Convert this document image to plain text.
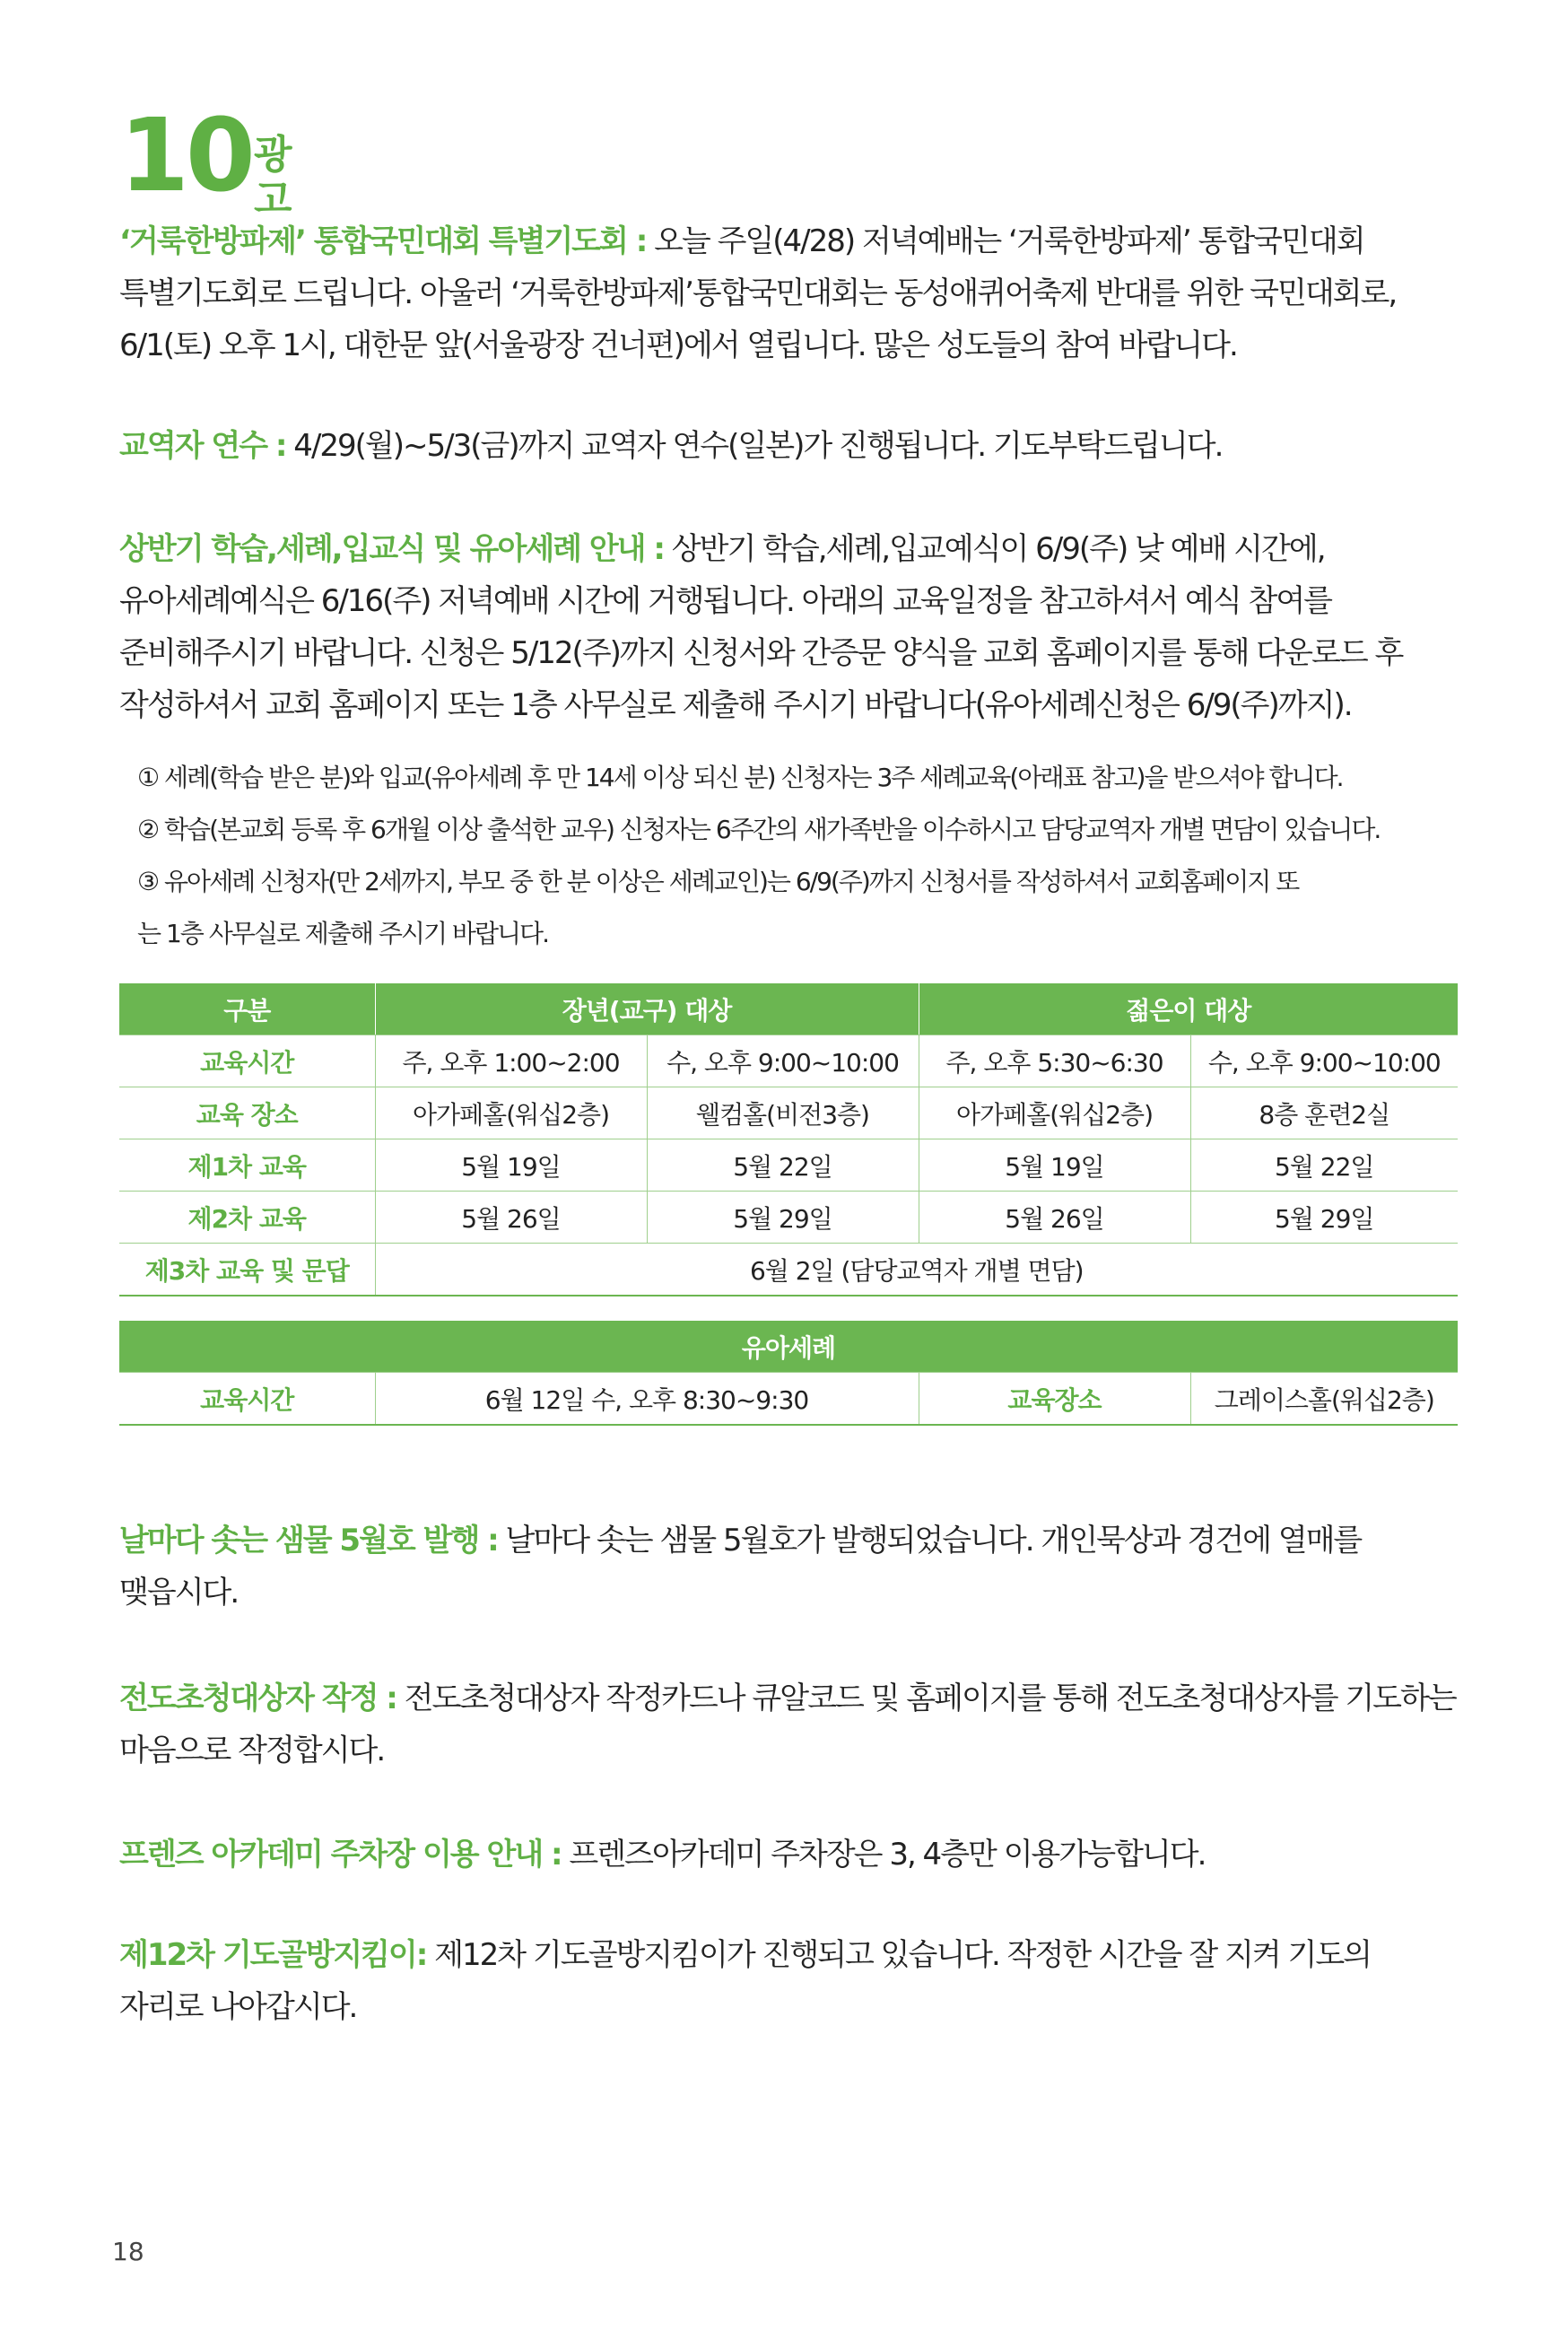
10 광고
‘거룩한방파제’ 통합국민대회 특별기도회 : 오늘 주일(4/28) 저녁예배는 ‘거룩한방파제’ 통합국민대회 특별기도회로 드립니다. 아울러 ‘거룩한방파제’통합국민대회는 동성애퀴어축제 반대를 위한 국민대회로, 6/1(토) 오후 1시, 대한문 앞(서울광장 건너편)에서 열립니다. 많은 성도들의 참여 바랍니다.
교역자 연수 : 4/29(월)~5/3(금)까지 교역자 연수(일본)가 진행됩니다. 기도부탁드립니다.
상반기 학습,세례,입교식 및 유아세례 안내 : 상반기 학습,세례,입교예식이 6/9(주) 낮 예배 시간에, 유아세례예식은 6/16(주) 저녁예배 시간에 거행됩니다. 아래의 교육일정을 참고하셔서 예식 참여를 준비해주시기 바랍니다. 신청은 5/12(주)까지 신청서와 간증문 양식을 교회 홈페이지를 통해 다운로드 후 작성하셔서 교회 홈페이지 또는 1층 사무실로 제출해 주시기 바랍니다(유아세례신청은 6/9(주)까지).
① 세례(학습 받은 분)와 입교(유아세례 후 만 14세 이상 되신 분) 신청자는 3주 세례교육(아래표 참고)을 받으셔야 합니다.
② 학습(본교회 등록 후 6개월 이상 출석한 교우) 신청자는 6주간의 새가족반을 이수하시고 담당교역자 개별 면담이 있습니다.
③ 유아세례 신청자(만 2세까지, 부모 중 한 분 이상은 세례교인)는 6/9(주)까지 신청서를 작성하셔서 교회홈페이지 또
는 1층 사무실로 제출해 주시기 바랍니다.
구분	장년(교구) 대상		젊은이 대상	
교육시간	주, 오후 1:00~2:00	수, 오후 9:00~10:00	주, 오후 5:30~6:30	수, 오후 9:00~10:00
교육 장소	아가페홀(워십2층)	웰컴홀(비전3층)	아가페홀(워십2층)	8층 훈련2실
제1차 교육	5월 19일	5월 22일	5월 19일	5월 22일
제2차 교육	5월 26일	5월 29일	5월 26일	5월 29일
제3차 교육 및 문답	6월 2일 (담당교역자 개별 면담)			
유아세례
교육시간	6월 12일 수, 오후 8:30~9:30	교육장소	그레이스홀(워십2층)
날마다 솟는 샘물 5월호 발행 : 날마다 솟는 샘물 5월호가 발행되었습니다. 개인묵상과 경건에 열매를 맺읍시다.
전도초청대상자 작정 : 전도초청대상자 작정카드나 큐알코드 및 홈페이지를 통해 전도초청대상자를 기도하는 마음으로 작정합시다.
프렌즈 아카데미 주차장 이용 안내 : 프렌즈아카데미 주차장은 3, 4층만 이용가능합니다.
제12차 기도골방지킴이: 제12차 기도골방지킴이가 진행되고 있습니다. 작정한 시간을 잘 지켜 기도의 자리로 나아갑시다.
18
